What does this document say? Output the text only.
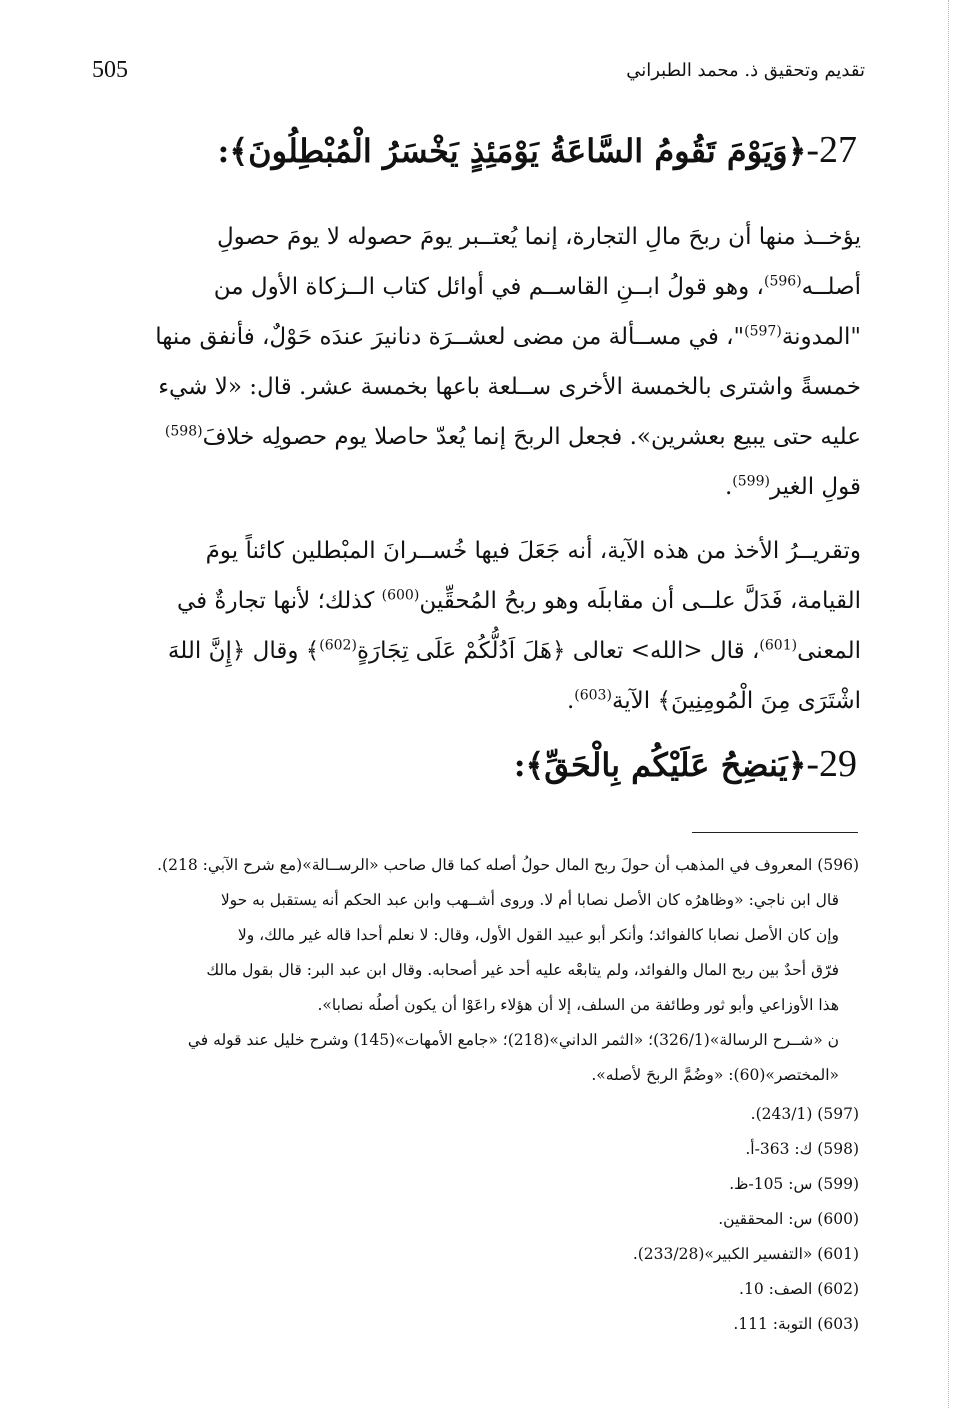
505	تقديم وتحقيق ذ. محمد الطبراني
27-﴿وَيَوْمَ تَقُومُ السَّاعَةُ يَوْمَئِذٍ يَخْسَرُ الْمُبْطِلُونَ﴾:
يؤخــذ منها أن ربحَ مالِ التجارة، إنما يُعتــبر يومَ حصوله لا يومَ حصولِ
أصلــه$^{(596)}$، وهو قولُ ابــنِ القاســم في أوائل كتاب الــزكاة الأول من
"المدونة$^{(597)}$"، في مســألة من مضى لعشــرَة دنانيرَ عندَه حَوْلٌ، فأنفق منها
خمسةً واشترى بالخمسة الأخرى ســلعة باعها بخمسة عشر. قال: «لا شيء
عليه حتى يبيع بعشرين». فجعل الربحَ إنما يُعدّ حاصلا يوم حصولِه خلافَ$^{(598)}$
قولِ الغير$^{(599)}$.
وتقريــرُ الأخذ من هذه الآية، أنه جَعَلَ فيها خُســرانَ المبْطلين كائناً يومَ
القيامة، فَدَلَّ علــى أن مقابلَه وهو ربحُ المُحقِّين$^{(600)}$ كذلك؛ لأنها تجارةٌ في
المعنى$^{(601)}$، قال <الله> تعالى ﴿هَلَ اَدُلُّكُمْ عَلَى تِجَارَةٍ$^{(602)}$﴾ وقال ﴿إِنَّ اللهَ
اشْتَرَى مِنَ الْمُومِنِينَ﴾ الآية$^{(603)}$.
29-﴿يَنضِحُ عَلَيْكُم بِالْحَقِّ﴾:
(596) المعروف في المذهب أن حولَ ربح المال حولُ أصله كما قال صاحب «الرســالة»(مع شرح الآبي: 218).
قال ابن ناجي: «وظاهرُه كان الأصل نصابا أم لا. وروى أشــهب وابن عبد الحكم أنه يستقبل به حولا
وإن كان الأصل نصابا كالفوائد؛ وأنكر أبو عبيد القول الأول، وقال: لا نعلم أحدا قاله غير مالك، ولا
فرّق أحدٌ بين ربح المال والفوائد، ولم يتابعْه عليه أحد غير أصحابه. وقال ابن عبد البر: قال بقول مالك
هذا الأوزاعي وأبو ثور وطائفة من السلف، إلا أن هؤلاء راعَوْا أن يكون أصلُه نصابا».
ن «شــرح الرسالة»(326/1)؛ «الثمر الداني»(218)؛ «جامع الأمهات»(145) وشرح خليل عند قوله في
«المختصر»(60): «وضُمَّ الربحَ لأصله».
(597) (243/1).
(598) ك: 363-أ.
(599) س: 105-ظ.
(600) س: المحققين.
(601) «التفسير الكبير»(233/28).
(602) الصف: 10.
(603) التوبة: 111.
